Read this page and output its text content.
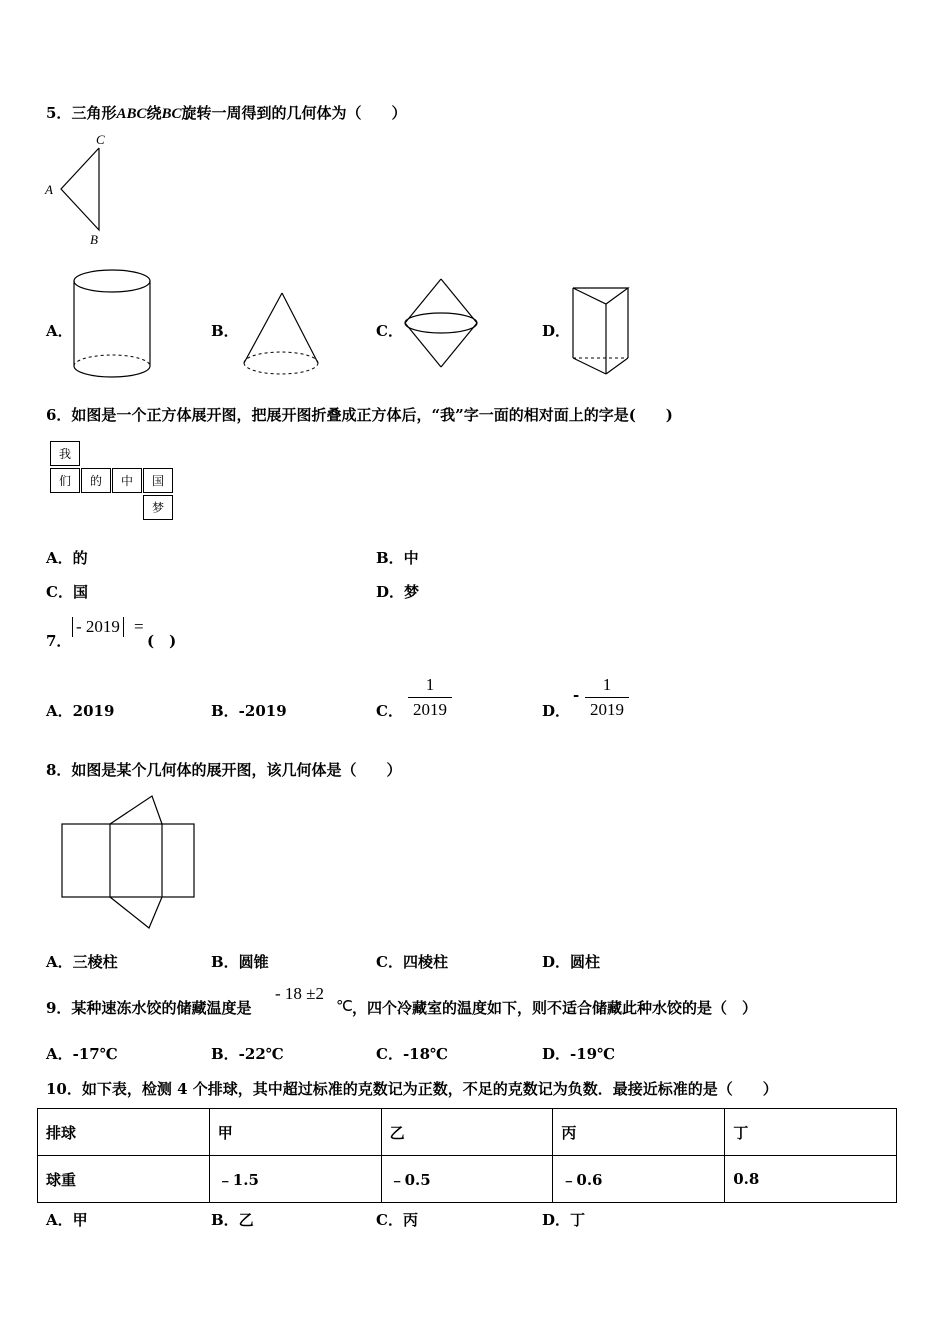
5．三角形ABC绕BC旋转一周得到的几何体为（　　）
C
A
B
A．	B．	C．	D．
6．如图是一个正方体展开图，把展开图折叠成正方体后，“我”字一面的相对面上的字是(　　)
我
们	的	中	国
梦
A．的	B．中
C．国	D．梦
7．
- 2019 =
(　)
A．2019	B．-2019	C．
1
2019	D．
-
1
2019
8．如图是某个几何体的展开图，该几何体是（　　）
A．三棱柱	B．圆锥	C．四棱柱	D．圆柱
9．某种速冻水饺的储藏温度是
- 18 ±2
℃ ，四个冷藏室的温度如下，则不适合储藏此种水饺的是（　）
A．-17℃	B．-22℃	C．-18℃	D．-19℃
10．如下表，检测 4 个排球，其中超过标准的克数记为正数，不足的克数记为负数．最接近标准的是（　　）
排球	甲	乙	丙	丁
球重	﹣1.5	﹣0.5	﹣0.6	0.8
A．甲	B．乙	C．丙	D．丁
